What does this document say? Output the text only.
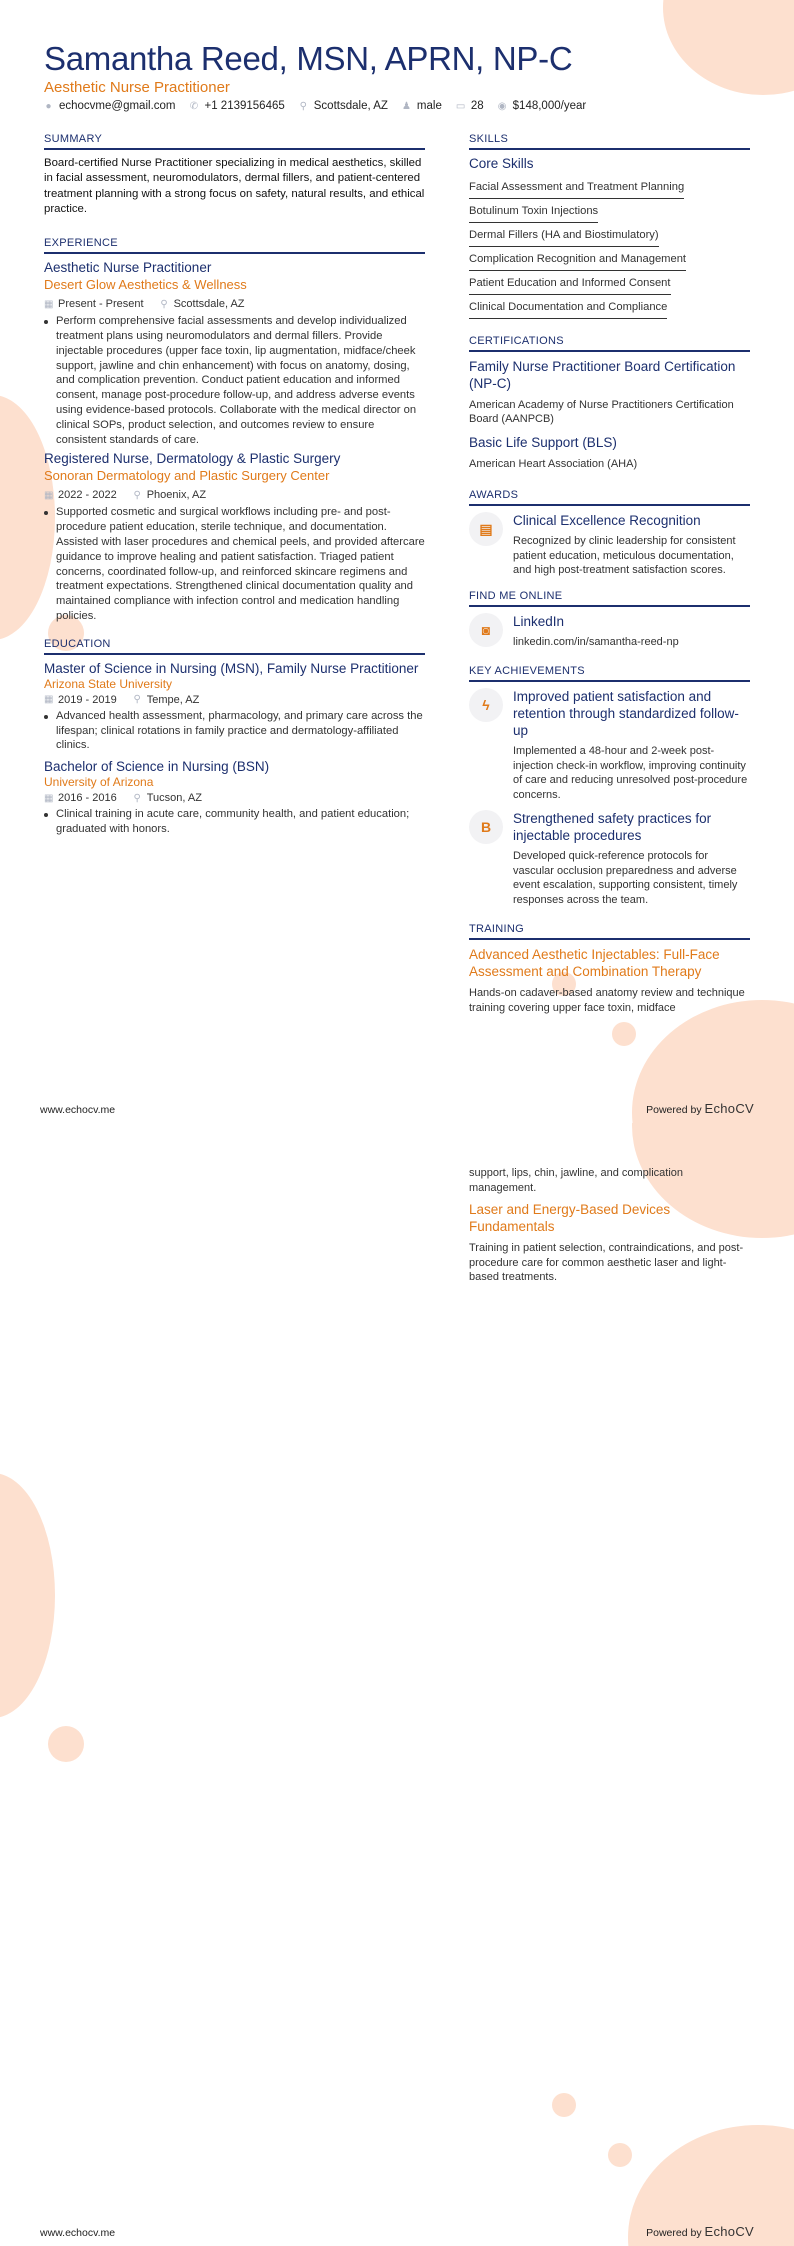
Samantha Reed, MSN, APRN, NP-C
Aesthetic Nurse Practitioner
● echocvme@gmail.com ✆ +1 2139156465 ⚲ Scottsdale, AZ ♟ male ▭ 28 ◉ $148,000/year
SUMMARY
Board-certified Nurse Practitioner specializing in medical aesthetics, skilled in facial assessment, neuromodulators, dermal fillers, and patient-centered treatment planning with a strong focus on safety, natural results, and ethical practice.
EXPERIENCE
Aesthetic Nurse Practitioner
Desert Glow Aesthetics & Wellness
▦ Present - Present ⚲ Scottsdale, AZ
Perform comprehensive facial assessments and develop individualized treatment plans using neuromodulators and dermal fillers. Provide injectable procedures (upper face toxin, lip augmentation, midface/cheek support, jawline and chin enhancement) with focus on anatomy, dosing, and complication prevention. Conduct patient education and informed consent, manage post-procedure follow-up, and address adverse events using evidence-based protocols. Collaborate with the medical director on clinical SOPs, product selection, and outcomes review to ensure consistent standards of care.
Registered Nurse, Dermatology & Plastic Surgery
Sonoran Dermatology and Plastic Surgery Center
▦ 2022 - 2022 ⚲ Phoenix, AZ
Supported cosmetic and surgical workflows including pre- and post-procedure patient education, sterile technique, and documentation. Assisted with laser procedures and chemical peels, and provided aftercare guidance to improve healing and patient satisfaction. Triaged patient concerns, coordinated follow-up, and reinforced skincare regimens and treatment expectations. Strengthened clinical documentation quality and maintained compliance with infection control and medication handling policies.
EDUCATION
Master of Science in Nursing (MSN), Family Nurse Practitioner
Arizona State University
▦ 2019 - 2019 ⚲ Tempe, AZ
Advanced health assessment, pharmacology, and primary care across the lifespan; clinical rotations in family practice and dermatology-affiliated clinics.
Bachelor of Science in Nursing (BSN)
University of Arizona
▦ 2016 - 2016 ⚲ Tucson, AZ
Clinical training in acute care, community health, and patient education; graduated with honors.
SKILLS
Core Skills
Facial Assessment and Treatment Planning
Botulinum Toxin Injections
Dermal Fillers (HA and Biostimulatory)
Complication Recognition and Management
Patient Education and Informed Consent
Clinical Documentation and Compliance
CERTIFICATIONS
Family Nurse Practitioner Board Certification (NP-C)
American Academy of Nurse Practitioners Certification Board (AANPCB)
Basic Life Support (BLS)
American Heart Association (AHA)
AWARDS
▤	Clinical Excellence Recognition
Recognized by clinic leadership for consistent patient education, meticulous documentation, and high post-treatment satisfaction scores.
FIND ME ONLINE
◙
LinkedIn
linkedin.com/in/samantha-reed-np
KEY ACHIEVEMENTS
ϟ
Improved patient satisfaction and retention through standardized follow-up
Implemented a 48-hour and 2-week post-injection check-in workflow, improving continuity of care and reducing unresolved post-procedure concerns.
B
Strengthened safety practices for injectable procedures
Developed quick-reference protocols for vascular occlusion preparedness and adverse event escalation, supporting consistent, timely responses across the team.
TRAINING
Advanced Aesthetic Injectables: Full-Face Assessment and Combination Therapy
Hands-on cadaver-based anatomy review and technique training covering upper face toxin, midface
www.echocv.me	Powered by EchoCV
support, lips, chin, jawline, and complication management.
Laser and Energy-Based Devices Fundamentals
Training in patient selection, contraindications, and post-procedure care for common aesthetic laser and light-based treatments.
www.echocv.me	Powered by EchoCV
